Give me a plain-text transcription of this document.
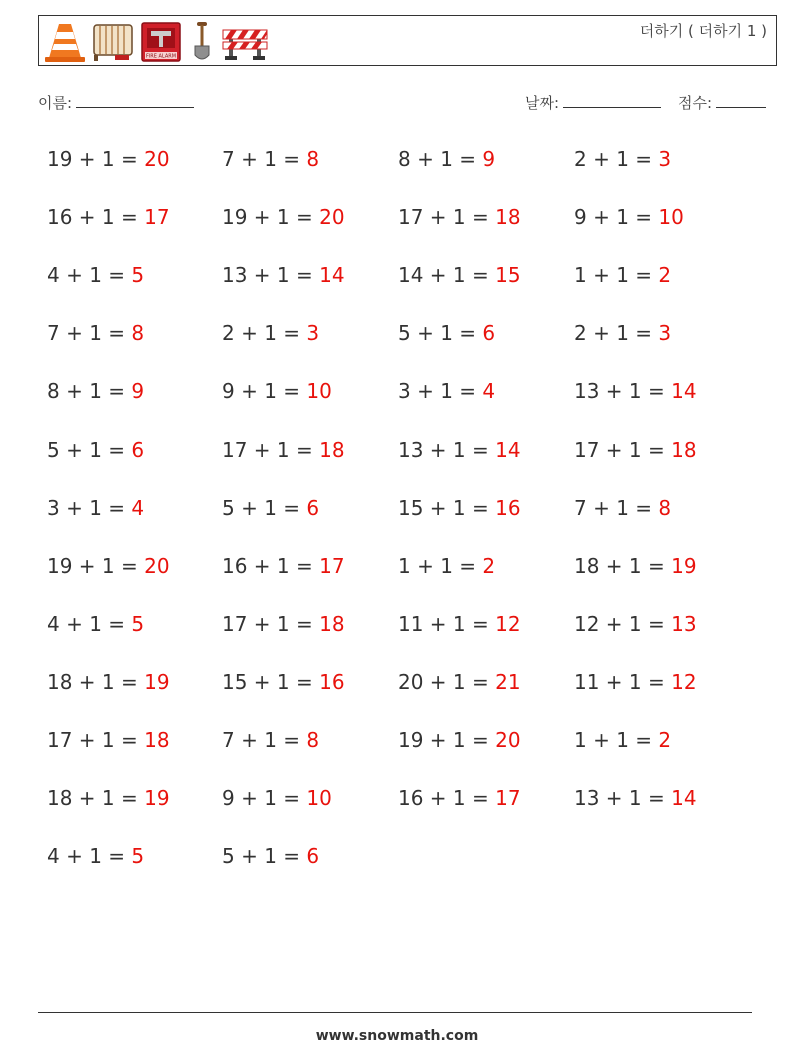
FIRE ALARM
더하기 ( 더하기 1 )
이름:	날짜:	점수:
19 + 1 = 20	7 + 1 = 8	8 + 1 = 9	2 + 1 = 3
16 + 1 = 17	19 + 1 = 20	17 + 1 = 18	9 + 1 = 10
4 + 1 = 5	13 + 1 = 14	14 + 1 = 15	1 + 1 = 2
7 + 1 = 8	2 + 1 = 3	5 + 1 = 6	2 + 1 = 3
8 + 1 = 9	9 + 1 = 10	3 + 1 = 4	13 + 1 = 14
5 + 1 = 6	17 + 1 = 18	13 + 1 = 14	17 + 1 = 18
3 + 1 = 4	5 + 1 = 6	15 + 1 = 16	7 + 1 = 8
19 + 1 = 20	16 + 1 = 17	1 + 1 = 2	18 + 1 = 19
4 + 1 = 5	17 + 1 = 18	11 + 1 = 12	12 + 1 = 13
18 + 1 = 19	15 + 1 = 16	20 + 1 = 21	11 + 1 = 12
17 + 1 = 18	7 + 1 = 8	19 + 1 = 20	1 + 1 = 2
18 + 1 = 19	9 + 1 = 10	16 + 1 = 17	13 + 1 = 14
4 + 1 = 5	5 + 1 = 6
www.snowmath.com
